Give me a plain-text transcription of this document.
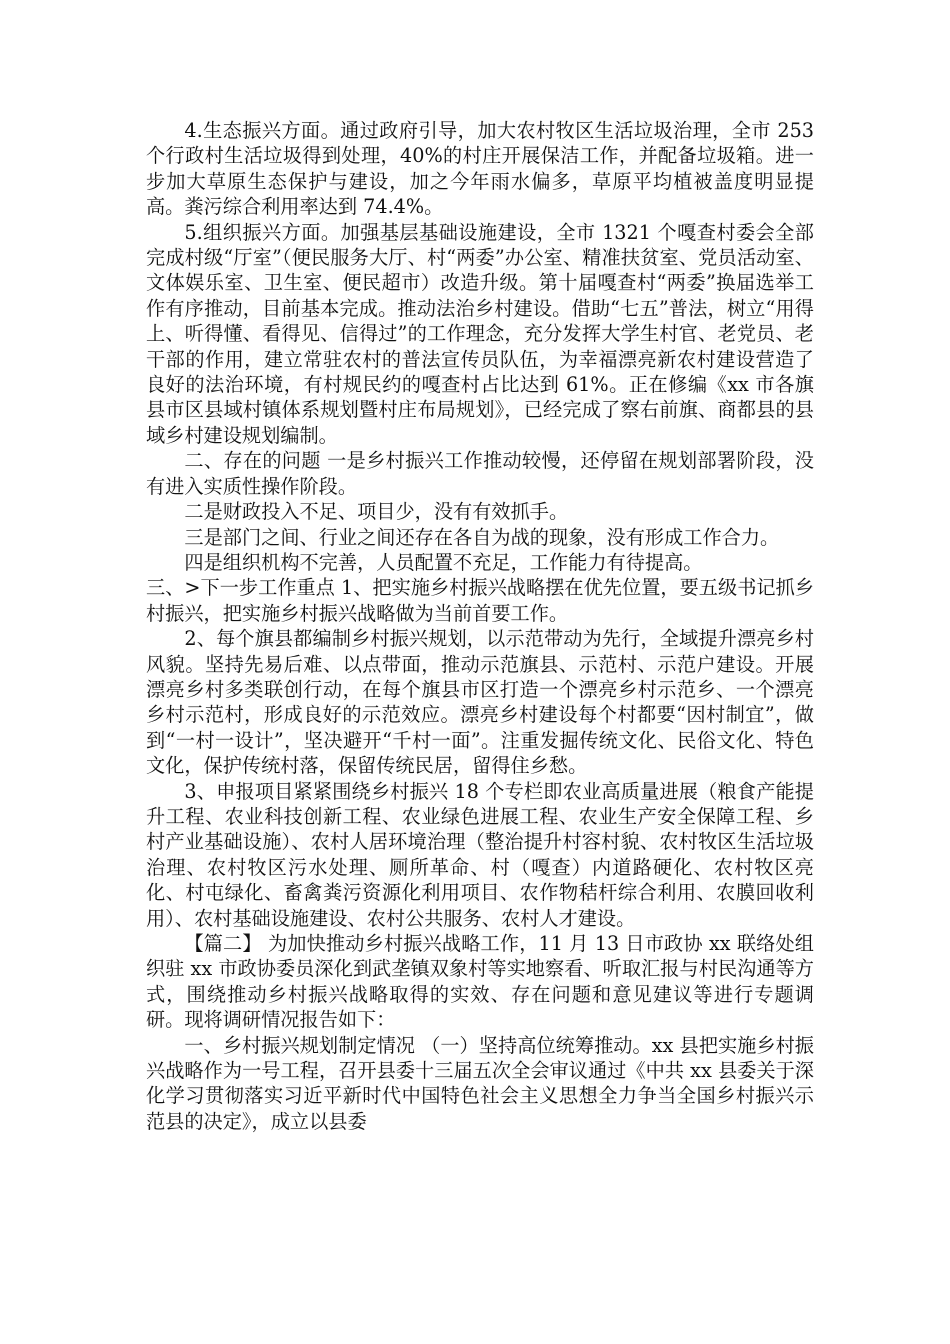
4.生态振兴方面。通过政府引导，加大农村牧区生活垃圾治理，全市 253 个行政村生活垃圾得到处理，40%的村庄开展保洁工作，并配备垃圾箱。进一步加大草原生态保护与建设，加之今年雨水偏多，草原平均植被盖度明显提高。粪污综合利用率达到 74.4%。

5.组织振兴方面。加强基层基础设施建设，全市 1321 个嘎查村委会全部完成村级“厅室”（便民服务大厅、村“两委”办公室、精准扶贫室、党员活动室、文体娱乐室、卫生室、便民超市）改造升级。第十届嘎查村“两委”换届选举工作有序推动，目前基本完成。推动法治乡村建设。借助“七五”普法，树立“用得上、听得懂、看得见、信得过”的工作理念，充分发挥大学生村官、老党员、老干部的作用，建立常驻农村的普法宣传员队伍，为幸福漂亮新农村建设营造了良好的法治环境，有村规民约的嘎查村占比达到 61%。正在修编《xx 市各旗县市区县域村镇体系规划暨村庄布局规划》，已经完成了察右前旗、商都县的县域乡村建设规划编制。

二、存在的问题 一是乡村振兴工作推动较慢，还停留在规划部署阶段，没有进入实质性操作阶段。

二是财政投入不足、项目少，没有有效抓手。

三是部门之间、行业之间还存在各自为战的现象，没有形成工作合力。

四是组织机构不完善，人员配置不充足，工作能力有待提高。

三、>下一步工作重点 1、把实施乡村振兴战略摆在优先位置，要五级书记抓乡村振兴，把实施乡村振兴战略做为当前首要工作。

2、每个旗县都编制乡村振兴规划，以示范带动为先行，全域提升漂亮乡村风貌。坚持先易后难、以点带面，推动示范旗县、示范村、示范户建设。开展漂亮乡村多类联创行动，在每个旗县市区打造一个漂亮乡村示范乡、一个漂亮乡村示范村，形成良好的示范效应。漂亮乡村建设每个村都要“因村制宜”，做到“一村一设计”，坚决避开“千村一面”。注重发掘传统文化、民俗文化、特色文化，保护传统村落，保留传统民居，留得住乡愁。

3、申报项目紧紧围绕乡村振兴 18 个专栏即农业高质量进展（粮食产能提升工程、农业科技创新工程、农业绿色进展工程、农业生产安全保障工程、乡村产业基础设施）、农村人居环境治理（整治提升村容村貌、农村牧区生活垃圾治理、农村牧区污水处理、厕所革命、村（嘎查）内道路硬化、农村牧区亮化、村屯绿化、畜禽粪污资源化利用项目、农作物秸杆综合利用、农膜回收利用）、农村基础设施建设、农村公共服务、农村人才建设。

【篇二】 为加快推动乡村振兴战略工作，11 月 13 日市政协 xx 联络处组织驻 xx 市政协委员深化到武垄镇双象村等实地察看、听取汇报与村民沟通等方式，围绕推动乡村振兴战略取得的实效、存在问题和意见建议等进行专题调研。现将调研情况报告如下：

一、乡村振兴规划制定情况 （一）坚持高位统筹推动。xx 县把实施乡村振兴战略作为一号工程，召开县委十三届五次全会审议通过《中共 xx 县委关于深化学习贯彻落实习近平新时代中国特色社会主义思想全力争当全国乡村振兴示范县的决定》，成立以县委
